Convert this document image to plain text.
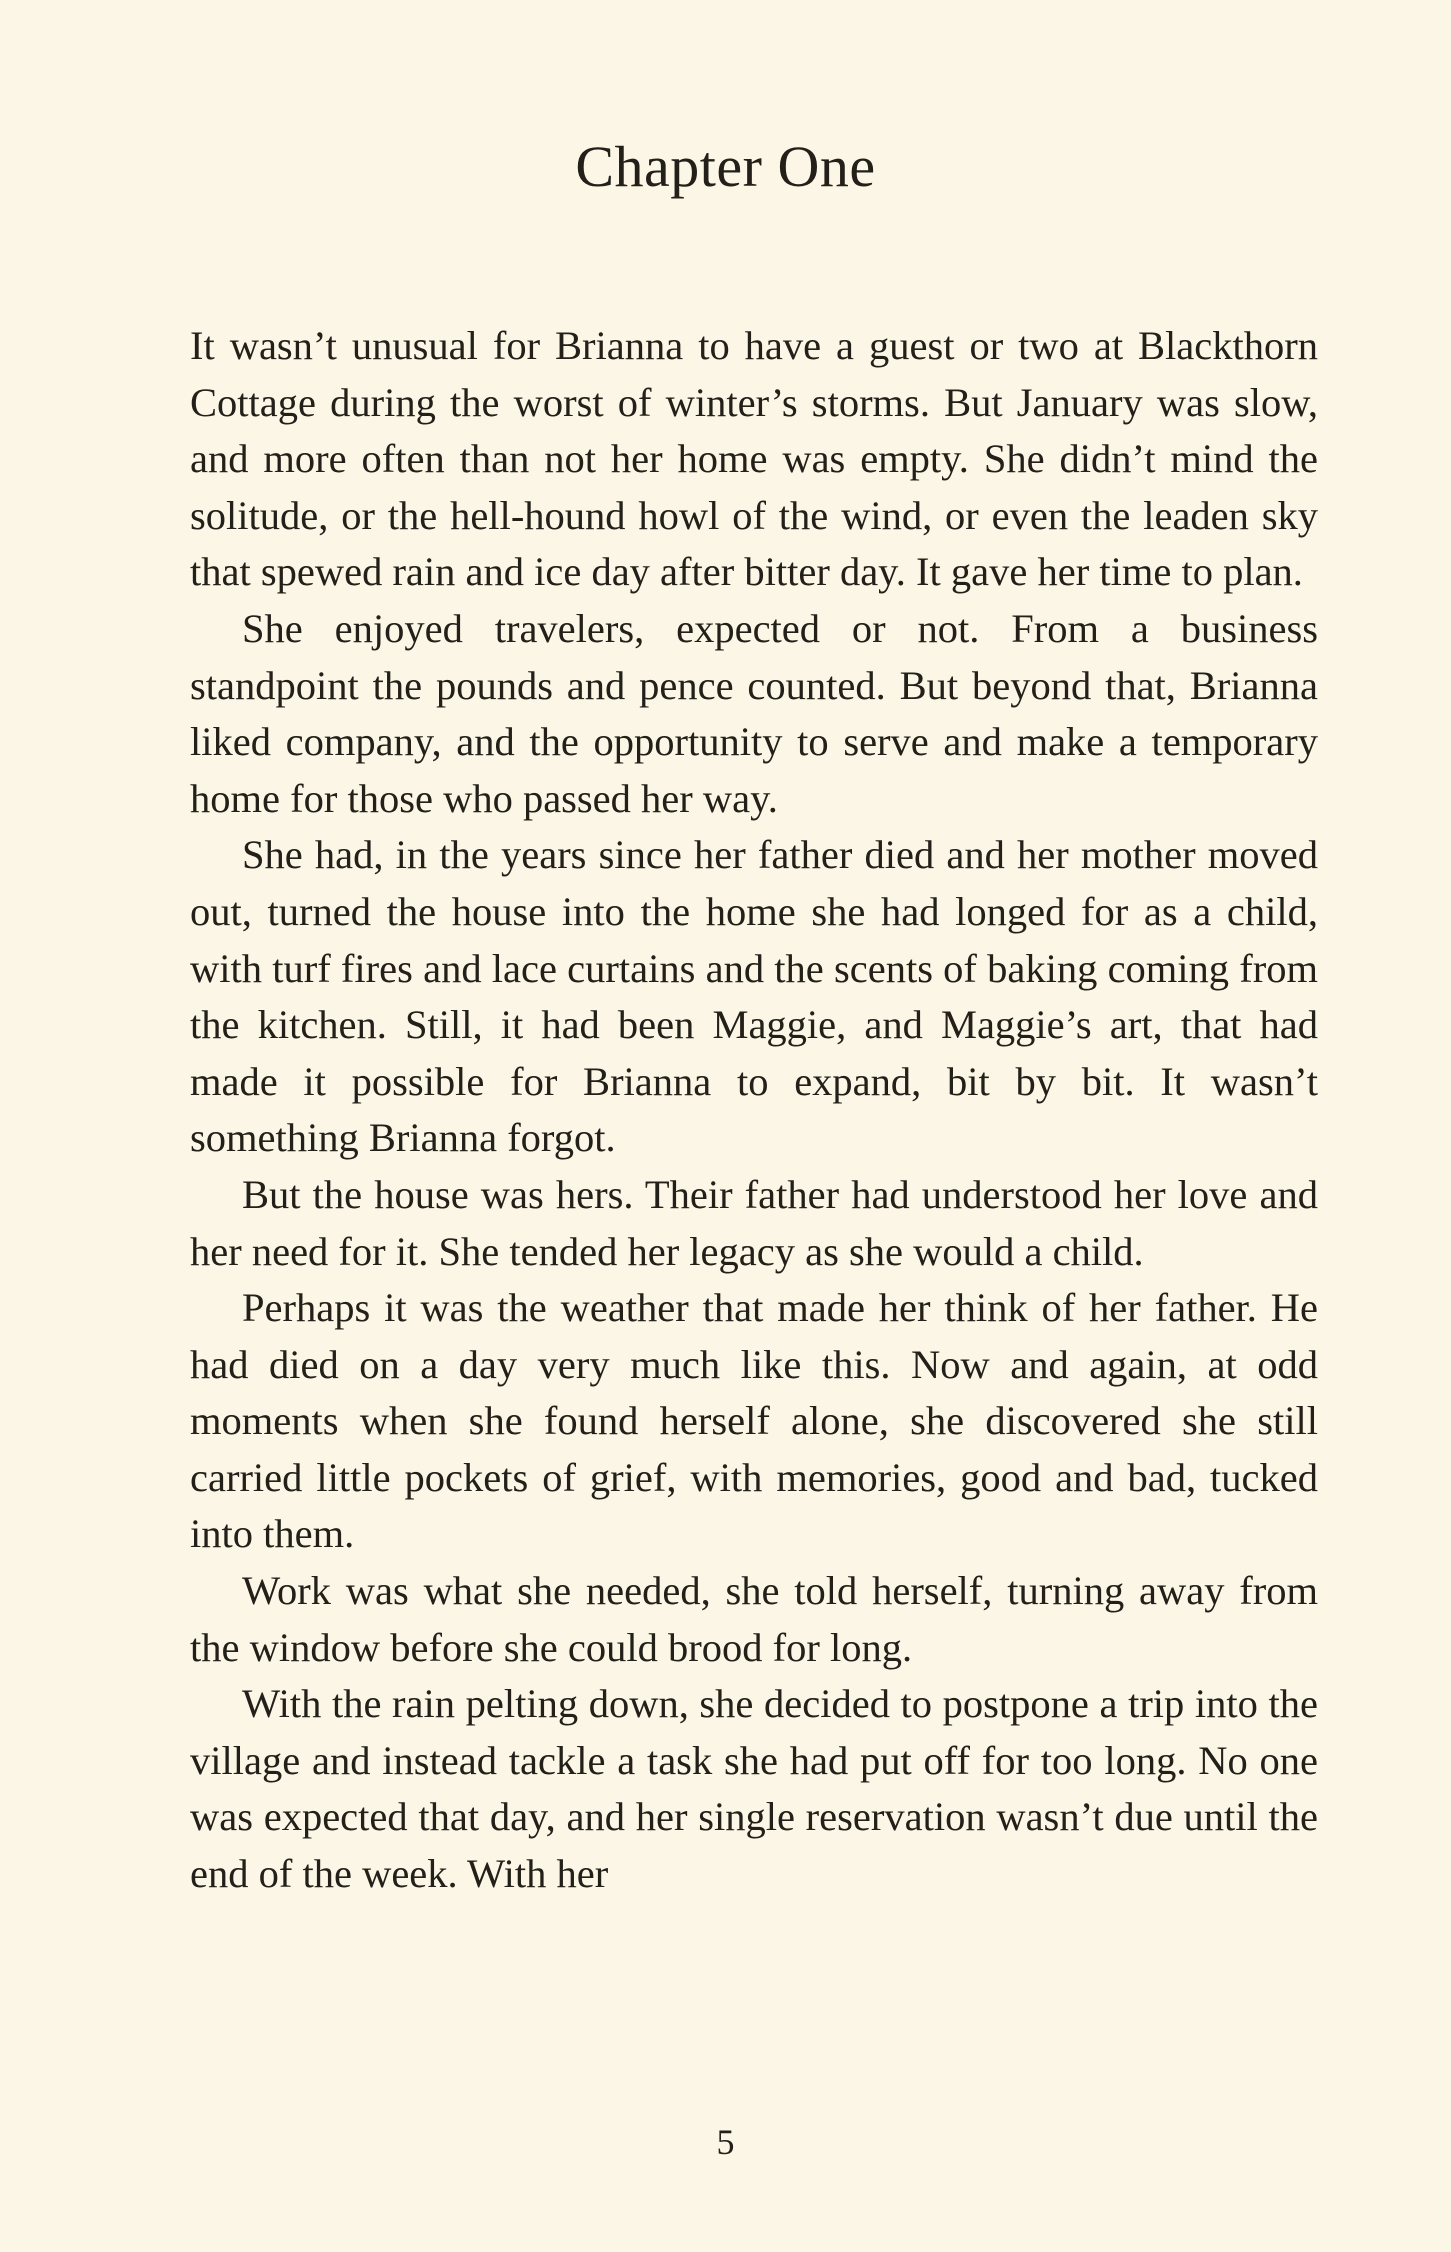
Chapter One

It wasn’t unusual for Brianna to have a guest or two at Blackthorn Cottage during the worst of winter’s storms. But January was slow, and more often than not her home was empty. She didn’t mind the solitude, or the hell-hound howl of the wind, or even the leaden sky that spewed rain and ice day after bitter day. It gave her time to plan.

She enjoyed travelers, expected or not. From a business standpoint the pounds and pence counted. But beyond that, Brianna liked company, and the opportunity to serve and make a temporary home for those who passed her way.

She had, in the years since her father died and her mother moved out, turned the house into the home she had longed for as a child, with turf fires and lace curtains and the scents of baking coming from the kitchen. Still, it had been Maggie, and Maggie’s art, that had made it possible for Brianna to expand, bit by bit. It wasn’t something Brianna forgot.

But the house was hers. Their father had understood her love and her need for it. She tended her legacy as she would a child.

Perhaps it was the weather that made her think of her father. He had died on a day very much like this. Now and again, at odd moments when she found herself alone, she discovered she still carried little pockets of grief, with memories, good and bad, tucked into them.

Work was what she needed, she told herself, turning away from the window before she could brood for long.

With the rain pelting down, she decided to postpone a trip into the village and instead tackle a task she had put off for too long. No one was expected that day, and her single reservation wasn’t due until the end of the week. With her

5
